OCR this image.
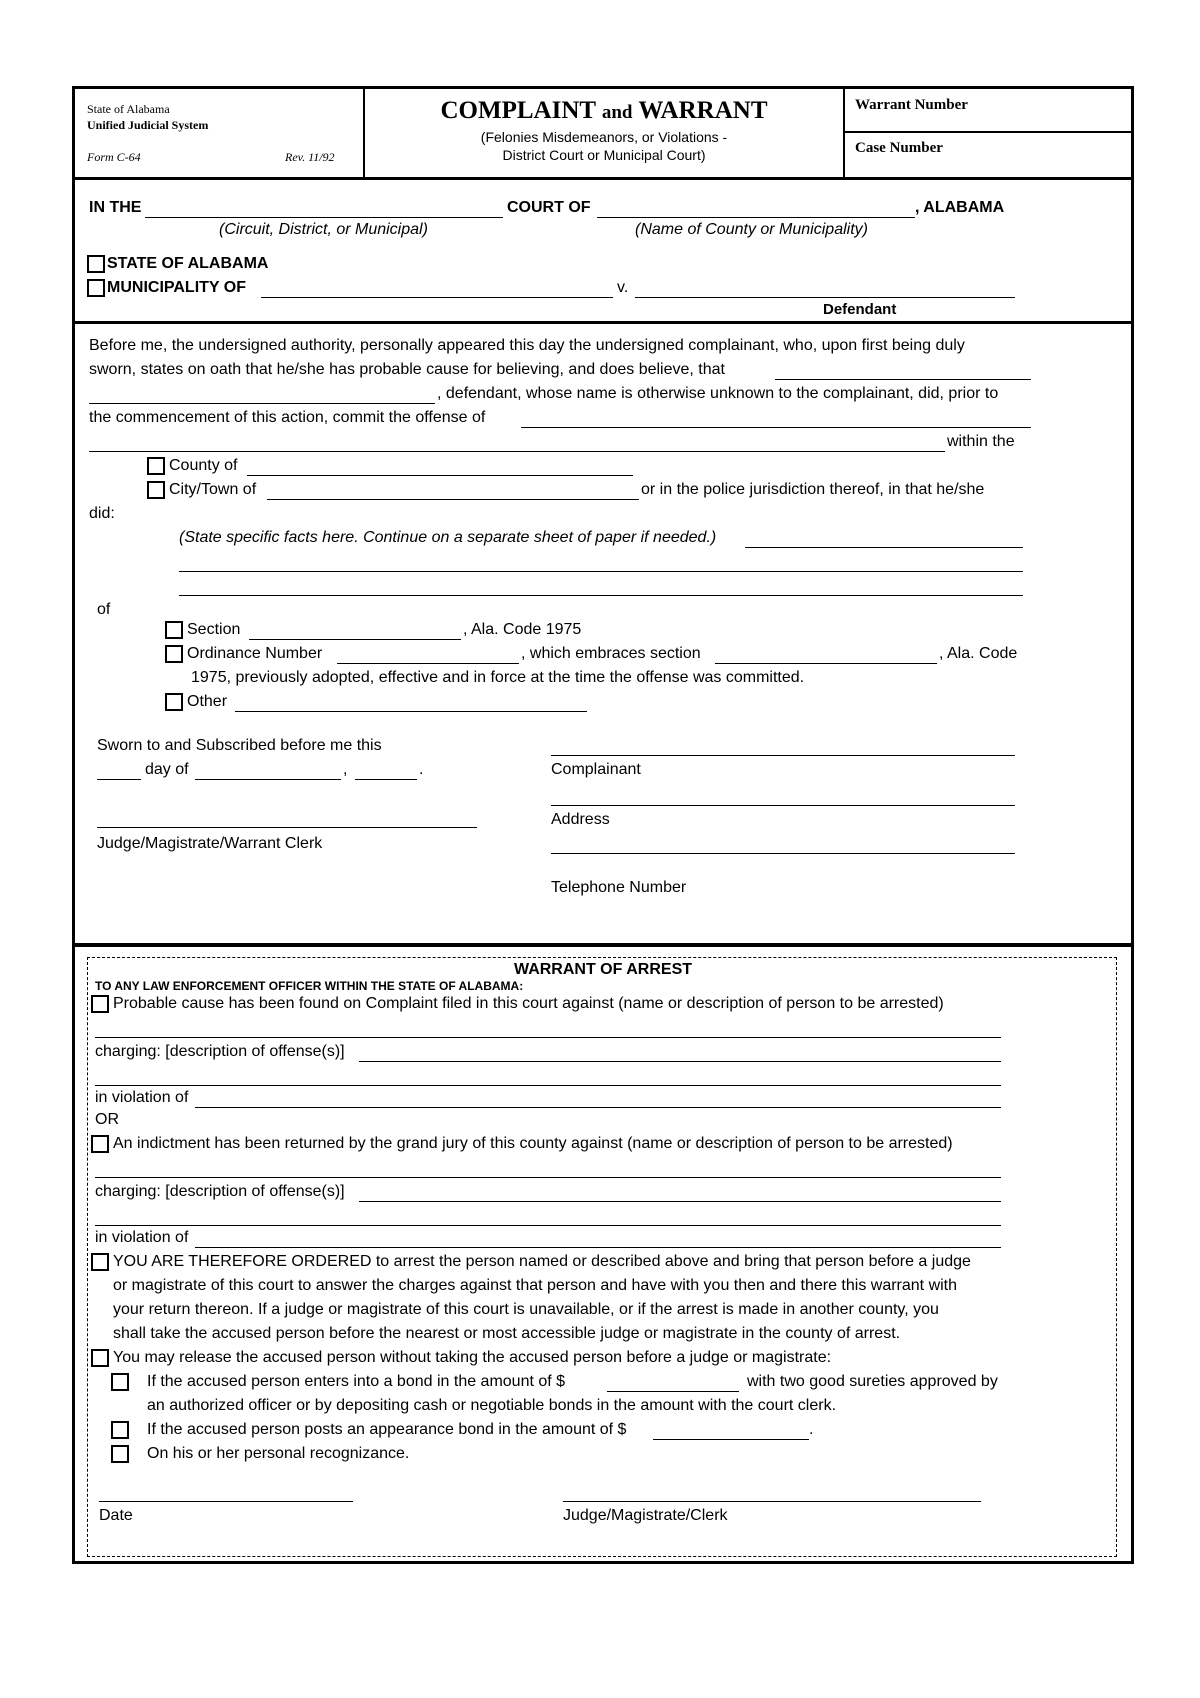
State of Alabama
Unified Judicial System
Form C-64	Rev. 11/92
COMPLAINT and WARRANT
(Felonies Misdemeanors, or Violations -
District Court or Municipal Court)
Warrant Number
Case Number
IN THE	COURT OF	, ALABAMA
(Circuit, District, or Municipal)	(Name of County or Municipality)
STATE OF ALABAMA
MUNICIPALITY OF	v.
Defendant
Before me, the undersigned authority, personally appeared this day the undersigned complainant, who, upon first being duly
sworn, states on oath that he/she has probable cause for believing, and does believe, that
, defendant, whose name is otherwise unknown to the complainant, did, prior to
the commencement of this action, commit the offense of
within the
County of
City/Town of	or in the police jurisdiction thereof, in that he/she
did:
(State specific facts here. Continue on a separate sheet of paper if needed.)
of
Section	, Ala. Code 1975
Ordinance Number	, which embraces section	, Ala. Code
1975, previously adopted, effective and in force at the time the offense was committed.
Other
Sworn to and Subscribed before me this
day of	,	.	Complainant
Address
Judge/Magistrate/Warrant Clerk
Telephone Number
WARRANT OF ARREST
TO ANY LAW ENFORCEMENT OFFICER WITHIN THE STATE OF ALABAMA:
Probable cause has been found on Complaint filed in this court against (name or description of person to be arrested)
charging: [description of offense(s)]
in violation of
OR
An indictment has been returned by the grand jury of this county against (name or description of person to be arrested)
charging: [description of offense(s)]
in violation of
YOU ARE THEREFORE ORDERED to arrest the person named or described above and bring that person before a judge
or magistrate of this court to answer the charges against that person and have with you then and there this warrant with
your return thereon. If a judge or magistrate of this court is unavailable, or if the arrest is made in another county, you
shall take the accused person before the nearest or most accessible judge or magistrate in the county of arrest.
You may release the accused person without taking the accused person before a judge or magistrate:
If the accused person enters into a bond in the amount of $	with two good sureties approved by
an authorized officer or by depositing cash or negotiable bonds in the amount with the court clerk.
If the accused person posts an appearance bond in the amount of $	.
On his or her personal recognizance.
Date	Judge/Magistrate/Clerk
